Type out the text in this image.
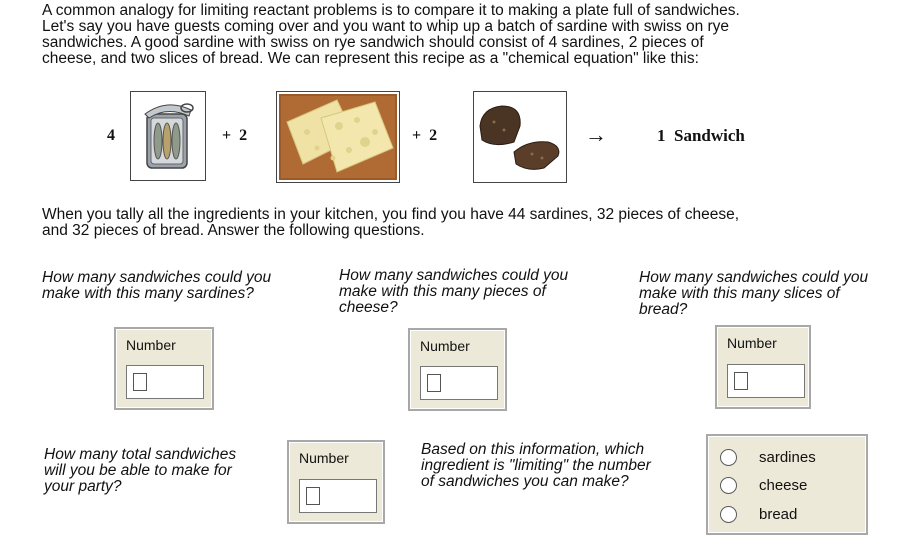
A common analogy for limiting reactant problems is to compare it to making a plate full of sandwiches.
Let's say you have guests coming over and you want to whip up a batch of sardine with swiss on rye
sandwiches. A good sardine with swiss on rye sandwich should consist of 4 sardines, 2 pieces of
cheese, and two slices of bread. We can represent this recipe as a "chemical equation" like this:

4	+ 2	+ 2	→	1  Sandwich

When you tally all the ingredients in your kitchen, you find you have 44 sardines, 32 pieces of cheese,
and 32 pieces of bread. Answer the following questions.

How many sandwiches could you
make with this many sardines?

Number

How many sandwiches could you
make with this many pieces of
cheese?

Number

How many sandwiches could you
make with this many slices of
bread?

Number

How many total sandwiches
will you be able to make for
your party?

Number	Based on this information, which
ingredient is "limiting" the number
of sandwiches you can make?

sardines
cheese
bread
